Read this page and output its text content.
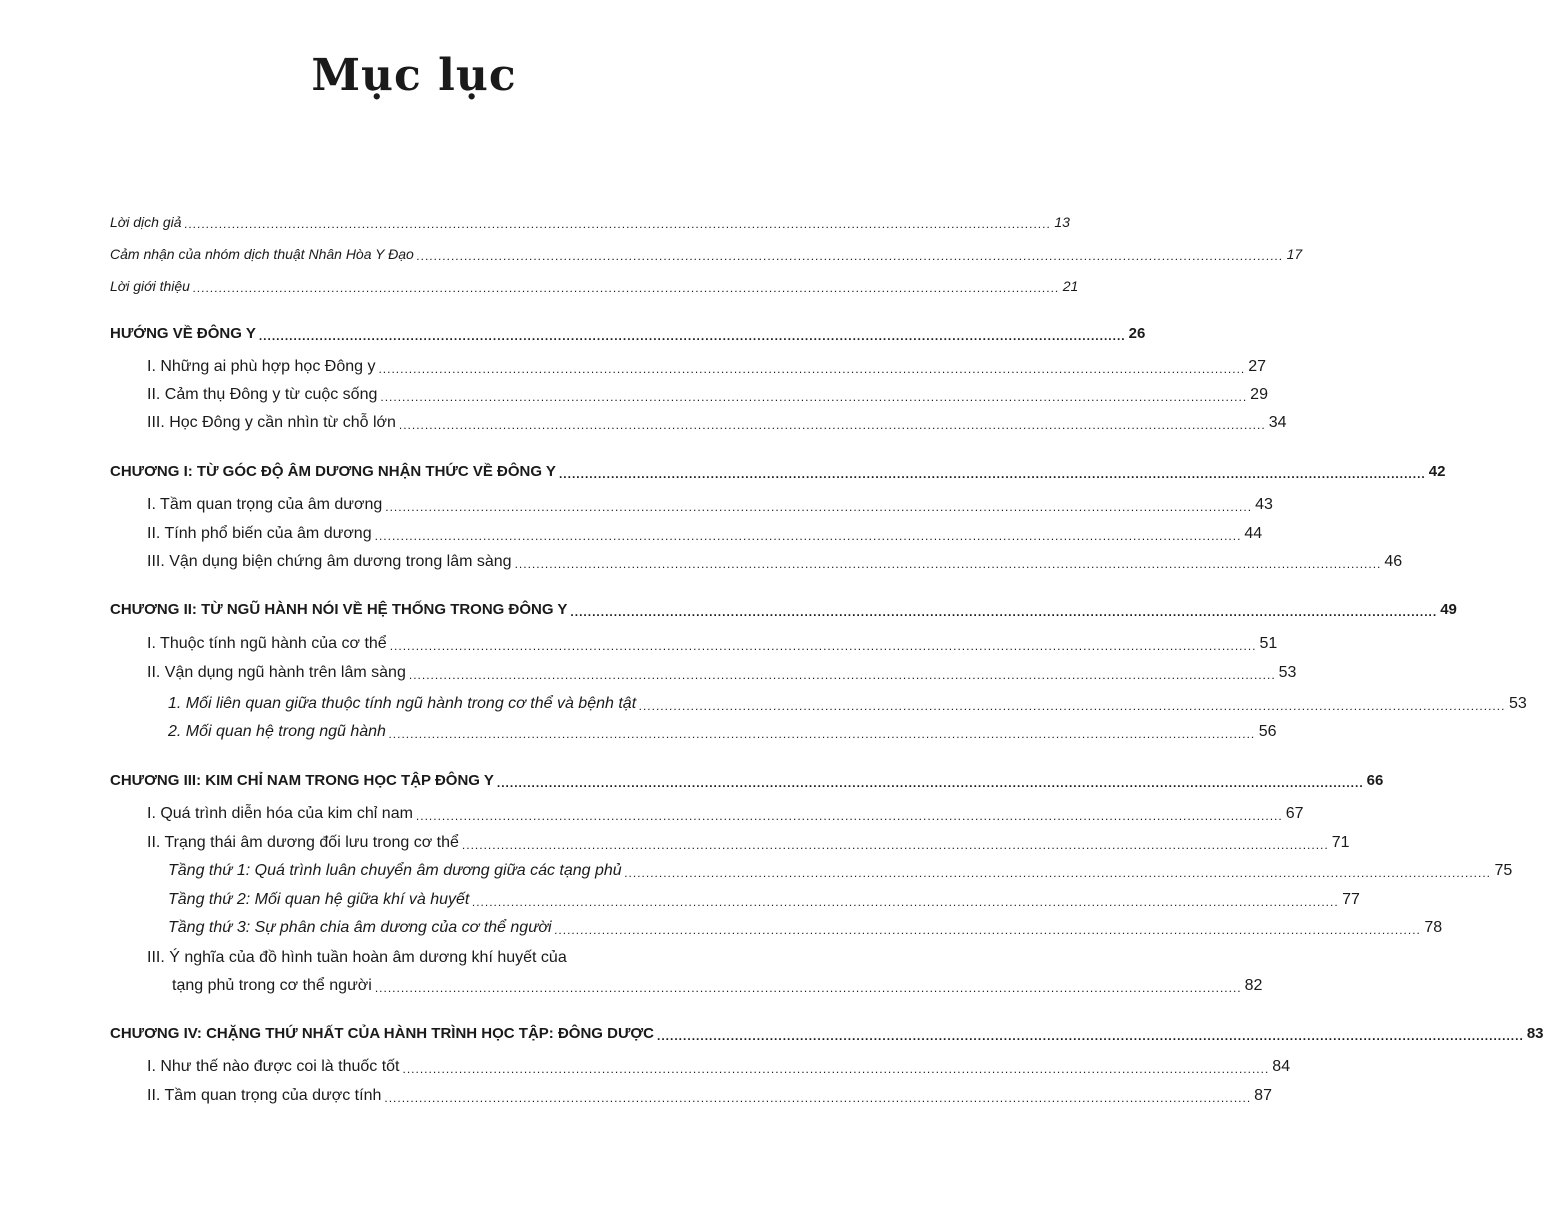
Mục lục
Lời dịch giả ........................................................................................................................................................................................................ 13
Cảm nhận của nhóm dịch thuật Nhân Hòa Y Đạo ........................................................................................................................................................................................................ 17
Lời giới thiệu ........................................................................................................................................................................................................ 21
HƯỚNG VỀ ĐÔNG Y ........................................................................................................................................................................................................ 26
I. Những ai phù hợp học Đông y ........................................................................................................................................................................................................ 27
II. Cảm thụ Đông y từ cuộc sống ........................................................................................................................................................................................................ 29
III. Học Đông y cần nhìn từ chỗ lớn ........................................................................................................................................................................................................ 34
CHƯƠNG I: TỪ GÓC ĐỘ ÂM DƯƠNG NHẬN THỨC VỀ ĐÔNG Y ........................................................................................................................................................................................................ 42
I. Tầm quan trọng của âm dương ........................................................................................................................................................................................................ 43
II. Tính phổ biến của âm dương ........................................................................................................................................................................................................ 44
III. Vận dụng biện chứng âm dương trong lâm sàng ........................................................................................................................................................................................................ 46
CHƯƠNG II: TỪ NGŨ HÀNH NÓI VỀ HỆ THỐNG TRONG ĐÔNG Y ........................................................................................................................................................................................................ 49
I. Thuộc tính ngũ hành của cơ thể ........................................................................................................................................................................................................ 51
II. Vận dụng ngũ hành trên lâm sàng ........................................................................................................................................................................................................ 53
1. Mối liên quan giữa thuộc tính ngũ hành trong cơ thể và bệnh tật ........................................................................................................................................................................................................ 53
2. Mối quan hệ trong ngũ hành ........................................................................................................................................................................................................ 56
CHƯƠNG III: KIM CHỈ NAM TRONG HỌC TẬP ĐÔNG Y ........................................................................................................................................................................................................ 66
I. Quá trình diễn hóa của kim chỉ nam ........................................................................................................................................................................................................ 67
II. Trạng thái âm dương đối lưu trong cơ thể ........................................................................................................................................................................................................ 71
Tầng thứ 1: Quá trình luân chuyển âm dương giữa các tạng phủ ........................................................................................................................................................................................................ 75
Tầng thứ 2: Mối quan hệ giữa khí và huyết ........................................................................................................................................................................................................ 77
Tầng thứ 3: Sự phân chia âm dương của cơ thể người ........................................................................................................................................................................................................ 78
III. Ý nghĩa của đồ hình tuần hoàn âm dương khí huyết của
tạng phủ trong cơ thể người ........................................................................................................................................................................................................ 82
CHƯƠNG IV: CHẶNG THỨ NHẤT CỦA HÀNH TRÌNH HỌC TẬP: ĐÔNG DƯỢC ........................................................................................................................................................................................................ 83
I. Như thế nào được coi là thuốc tốt ........................................................................................................................................................................................................ 84
II. Tầm quan trọng của dược tính ........................................................................................................................................................................................................ 87
